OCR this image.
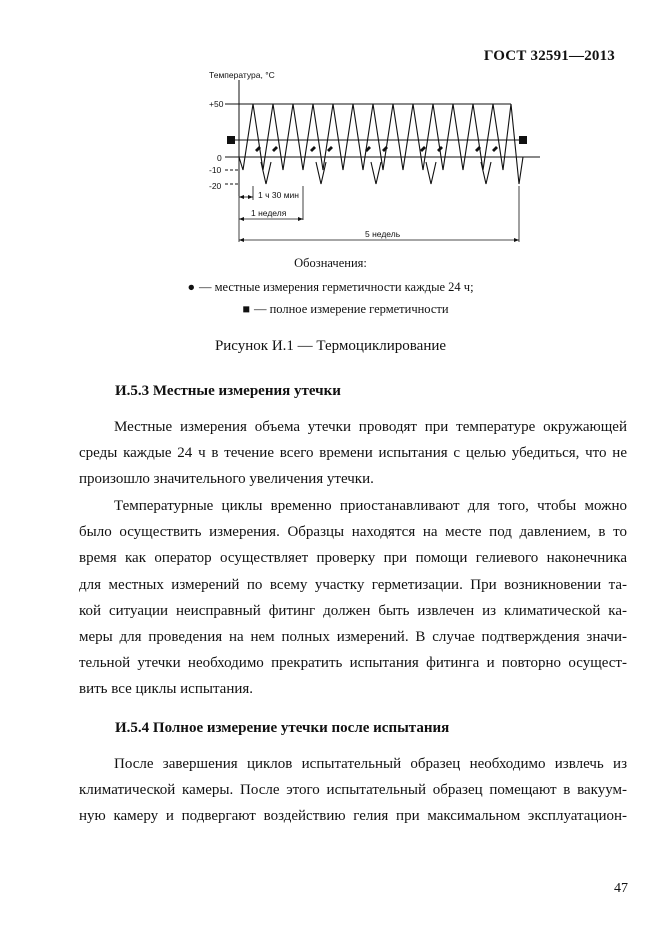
ГОСТ 32591—2013
Температура, °С
+50
0
-10
-20
1 ч 30 мин
1 неделя
5 недель
Обозначения:
● — местные измерения герметичности каждые 24 ч;
■ — полное измерение герметичности
Рисунок И.1 — Термоциклирование
И.5.3 Местные измерения утечки
Местные измерения объема утечки проводят при температуре окружающей
среды каждые 24 ч в течение всего времени испытания с целью убедиться, что не
произошло значительного увеличения утечки.
Температурные циклы временно приостанавливают для того, чтобы можно
было осуществить измерения. Образцы находятся на месте под давлением, в то
время как оператор осуществляет проверку при помощи гелиевого наконечника
для местных измерений по всему участку герметизации. При возникновении та-
кой ситуации неисправный фитинг должен быть извлечен из климатической ка-
меры для проведения на нем полных измерений. В случае подтверждения значи-
тельной утечки необходимо прекратить испытания фитинга и повторно осущест-
вить все циклы испытания.
И.5.4 Полное измерение утечки после испытания
После завершения циклов испытательный образец необходимо извлечь из
климатической камеры. После этого испытательный образец помещают в вакуум-
ную камеру и подвергают воздействию гелия при максимальном эксплуатацион-
47
